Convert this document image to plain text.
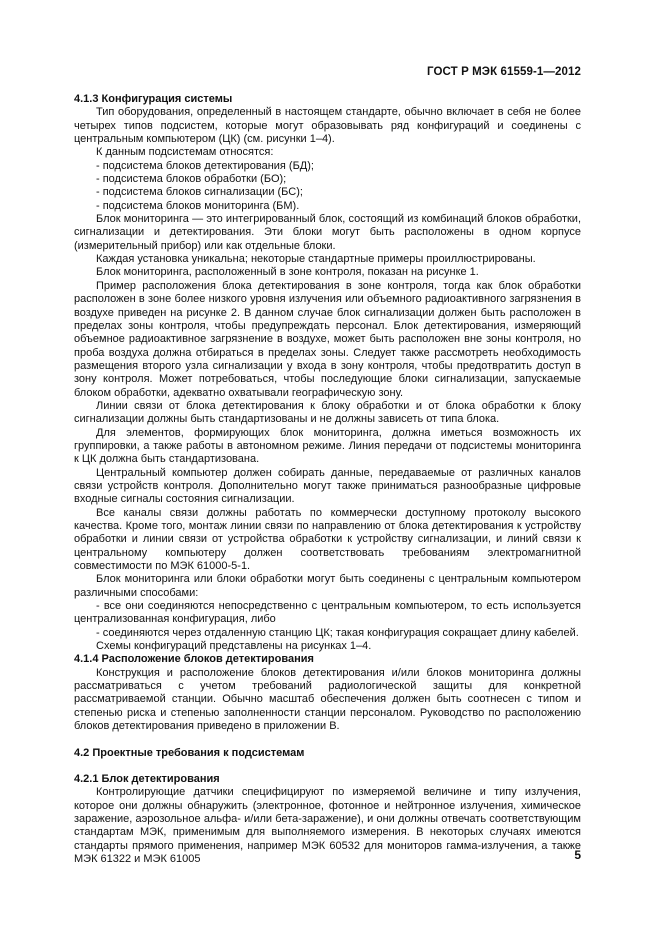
ГОСТ Р МЭК 61559-1—2012
4.1.3 Конфигурация системы

Тип оборудования, определенный в настоящем стандарте, обычно включает в себя не более четырех типов подсистем, которые могут образовывать ряд конфигураций и соединены с центральным компьютером (ЦК) (см. рисунки 1–4).

К данным подсистемам относятся:

- подсистема блоков детектирования (БД);

- подсистема блоков обработки (БО);

- подсистема блоков сигнализации (БС);

- подсистема блоков мониторинга (БМ).

Блок мониторинга — это интегрированный блок, состоящий из комбинаций блоков обработки, сигнализации и детектирования. Эти блоки могут быть расположены в одном корпусе (измерительный прибор) или как отдельные блоки.

Каждая установка уникальна; некоторые стандартные примеры проиллюстрированы.

Блок мониторинга, расположенный в зоне контроля, показан на рисунке 1.

Пример расположения блока детектирования в зоне контроля, тогда как блок обработки расположен в зоне более низкого уровня излучения или объемного радиоактивного загрязнения в воздухе приведен на рисунке 2. В данном случае блок сигнализации должен быть расположен в пределах зоны контроля, чтобы предупреждать персонал. Блок детектирования, измеряющий объемное радиоактивное загрязнение в воздухе, может быть расположен вне зоны контроля, но проба воздуха должна отбираться в пределах зоны. Следует также рассмотреть необходимость размещения второго узла сигнализации у входа в зону контроля, чтобы предотвратить доступ в зону контроля. Может потребоваться, чтобы последующие блоки сигнализации, запускаемые блоком обработки, адекватно охватывали географическую зону.

Линии связи от блока детектирования к блоку обработки и от блока обработки к блоку сигнализации должны быть стандартизованы и не должны зависеть от типа блока.

Для элементов, формирующих блок мониторинга, должна иметься возможность их группировки, а также работы в автономном режиме. Линия передачи от подсистемы мониторинга к ЦК должна быть стандартизована.

Центральный компьютер должен собирать данные, передаваемые от различных каналов связи устройств контроля. Дополнительно могут также приниматься разнообразные цифровые входные сигналы состояния сигнализации.

Все каналы связи должны работать по коммерчески доступному протоколу высокого качества. Кроме того, монтаж линии связи по направлению от блока детектирования к устройству обработки и линии связи от устройства обработки к устройству сигнализации, и линий связи к центральному компьютеру должен соответствовать требованиям электромагнитной совместимости по МЭК 61000-5-1.

Блок мониторинга или блоки обработки могут быть соединены с центральным компьютером различными способами:

- все они соединяются непосредственно с центральным компьютером, то есть используется централизованная конфигурация, либо

- соединяются через отдаленную станцию ЦК; такая конфигурация сокращает длину кабелей.

Схемы конфигураций представлены на рисунках 1–4.

4.1.4 Расположение блоков детектирования

Конструкция и расположение блоков детектирования и/или блоков мониторинга должны рассматриваться с учетом требований радиологической защиты для конкретной рассматриваемой станции. Обычно масштаб обеспечения должен быть соотнесен с типом и степенью риска и степенью заполненности станции персоналом. Руководство по расположению блоков детектирования приведено в приложении В.

4.2 Проектные требования к подсистемам
4.2.1 Блок детектирования

Контролирующие датчики специфицируют по измеряемой величине и типу излучения, которое они должны обнаружить (электронное, фотонное и нейтронное излучения, химическое заражение, аэрозольное альфа- и/или бета-заражение), и они должны отвечать соответствующим стандартам МЭК, применимым для выполняемого измерения. В некоторых случаях имеются стандарты прямого применения, например МЭК 60532 для мониторов гамма-излучения, а также МЭК 61322 и МЭК 61005	5
